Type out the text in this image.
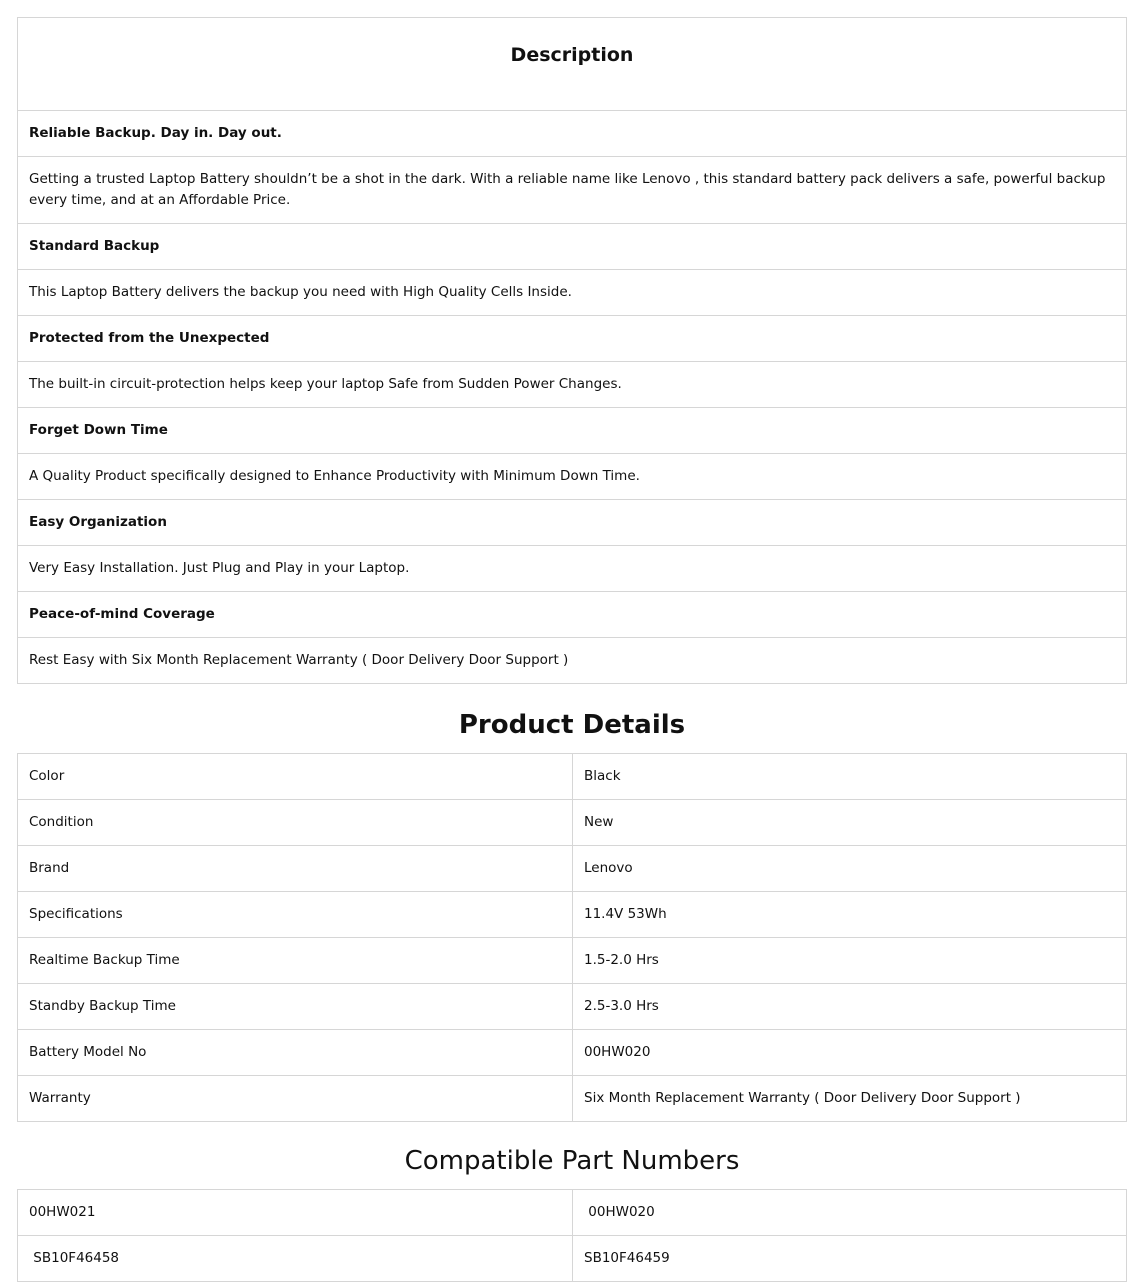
Description
Reliable Backup. Day in. Day out.
Getting a trusted Laptop Battery shouldn’t be a shot in the dark. With a reliable name like Lenovo , this standard battery pack delivers a safe, powerful backup every time, and at an Affordable Price.
Standard Backup
This Laptop Battery delivers the backup you need with High Quality Cells Inside.
Protected from the Unexpected
The built-in circuit-protection helps keep your laptop Safe from Sudden Power Changes.
Forget Down Time
A Quality Product specifically designed to Enhance Productivity with Minimum Down Time.
Easy Organization
Very Easy Installation. Just Plug and Play in your Laptop.
Peace-of-mind Coverage
Rest Easy with Six Month Replacement Warranty ( Door Delivery Door Support )
Product Details
Color	Black
Condition	New
Brand	Lenovo
Specifications	11.4V 53Wh
Realtime Backup Time	1.5-2.0 Hrs
Standby Backup Time	2.5-3.0 Hrs
Battery Model No	00HW020
Warranty	Six Month Replacement Warranty ( Door Delivery Door Support )
Compatible Part Numbers
00HW021	00HW020
SB10F46458	SB10F46459
